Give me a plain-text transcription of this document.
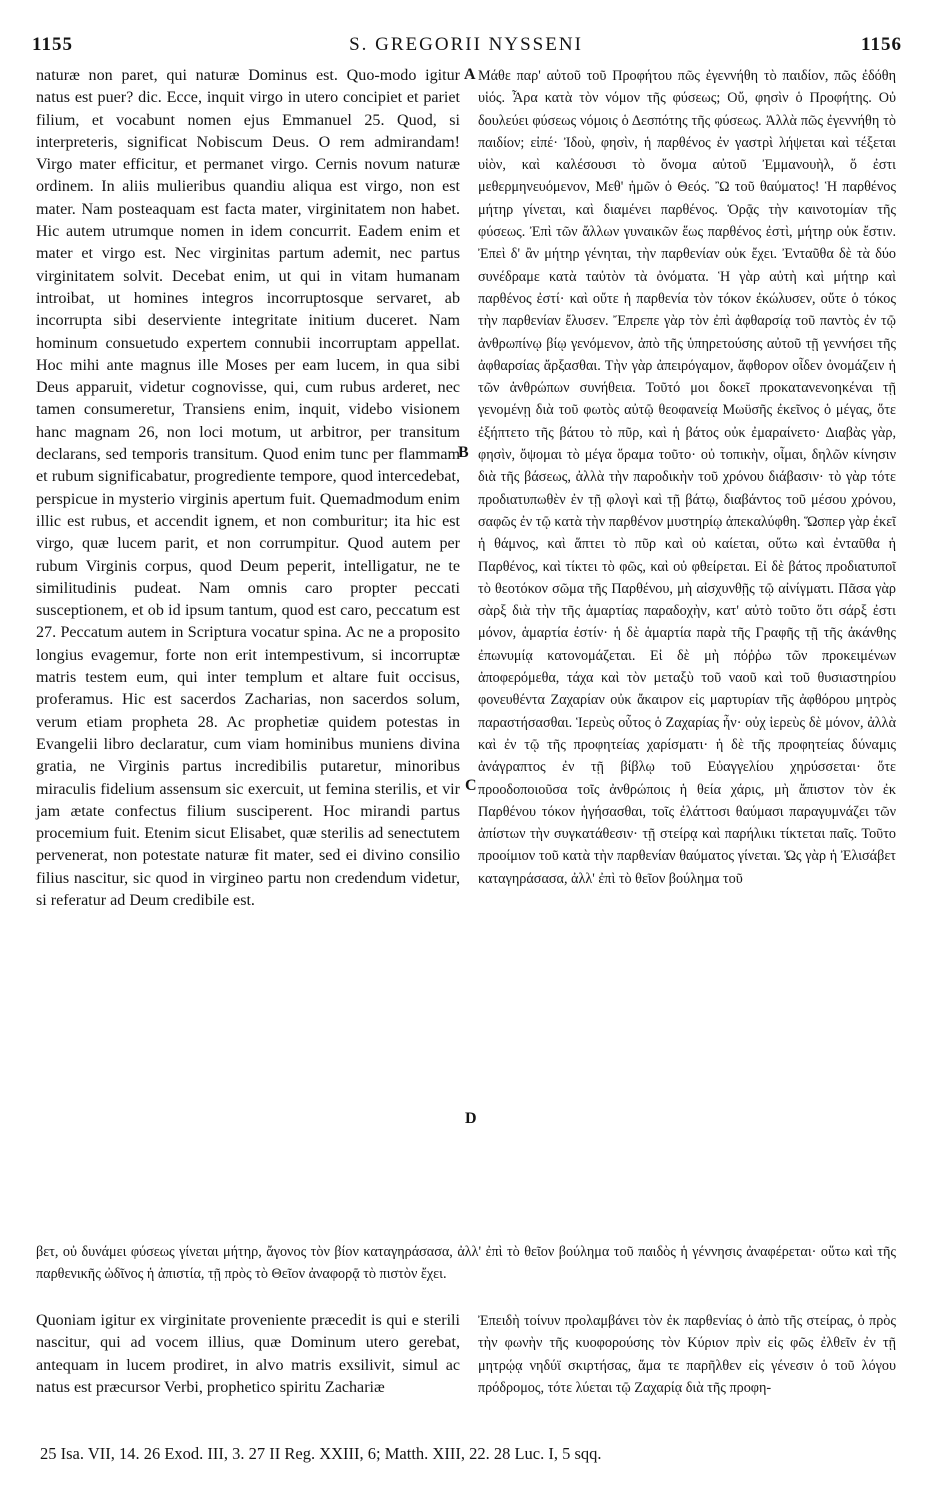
1155	S. GREGORII NYSSENI	1156
naturæ non paret, qui naturæ Dominus est. Quo-modo igitur natus est puer? dic. Ecce, inquit virgo in utero concipiet et pariet filium, et vocabunt nomen ejus Emmanuel 25. Quod, si interpreteris, significat Nobiscum Deus. O rem admirandam! Virgo mater efficitur, et permanet virgo. Cernis novum naturæ ordinem. In aliis mulieribus quandiu aliqua est virgo, non est mater. Nam posteaquam est facta mater, virginitatem non habet. Hic autem utrumque nomen in idem concurrit. Eadem enim et mater et virgo est. Nec virginitas partum ademit, nec partus virginitatem solvit. Decebat enim, ut qui in vitam humanam introibat, ut homines integros incorruptosque servaret, ab incorrupta sibi deserviente integritate initium duceret. Nam hominum consuetudo expertem connubii incorruptam appellat. Hoc mihi ante magnus ille Moses per eam lucem, in qua sibi Deus apparuit, videtur cognovisse, qui, cum rubus arderet, nec tamen consumeretur, Transiens enim, inquit, videbo visionem hanc magnam 26, non loci motum, ut arbitror, per transitum declarans, sed temporis transitum. Quod enim tunc per flammam et rubum significabatur, progrediente tempore, quod intercedebat, perspicue in mysterio virginis apertum fuit. Quemadmodum enim illic est rubus, et accendit ignem, et non comburitur; ita hic est virgo, quæ lucem parit, et non corrumpitur. Quod autem per rubum Virginis corpus, quod Deum peperit, intelligatur, ne te similitudinis pudeat. Nam omnis caro propter peccati susceptionem, et ob id ipsum tantum, quod est caro, peccatum est 27. Peccatum autem in Scriptura vocatur spina. Ac ne a proposito longius evagemur, forte non erit intempestivum, si incorruptæ matris testem eum, qui inter templum et altare fuit occisus, proferamus. Hic est sacerdos Zacharias, non sacerdos solum, verum etiam propheta 28. Ac prophetiæ quidem potestas in Evangelii libro declaratur, cum viam hominibus muniens divina gratia, ne Virginis partus incredibilis putaretur, minoribus miraculis fidelium assensum sic exercuit, ut femina sterilis, et vir jam ætate confectus filium susciperent. Hoc mirandi partus procemium fuit. Etenim sicut Elisabet, quæ sterilis ad senectutem pervenerat, non potestate naturæ fit mater, sed ei divino consilio filius nascitur, sic quod in virgineo partu non credendum videtur, si referatur ad Deum credibile est.
Μάθε παρ' αὐτοῦ τοῦ Προφήτου πῶς ἐγεννήθη τὸ παιδίον, πῶς ἐδόθη υἱός. Ἆρα κατὰ τὸν νόμον τῆς φύσεως; Οὔ, φησὶν ὁ Προφήτης. Οὐ δουλεύει φύσεως νόμοις ὁ Δεσπότης τῆς φύσεως. Ἀλλὰ πῶς ἐγεννήθη τὸ παιδίον; εἰπέ· Ἰδοὺ, φησὶν, ἡ παρθένος ἐν γαστρὶ λήψεται καὶ τέξεται υἱὸν, καὶ καλέσουσι τὸ ὄνομα αὐτοῦ Ἐμμανουὴλ, ὅ ἐστι μεθερμηνευόμενον, Μεθ' ἡμῶν ὁ Θεός. Ὢ τοῦ θαύματος! Ἡ παρθένος μήτηρ γίνεται, καὶ διαμένει παρθένος. Ὁρᾷς τὴν καινοτομίαν τῆς φύσεως. Ἐπὶ τῶν ἄλλων γυναικῶν ἕως παρθένος ἐστὶ, μήτηρ οὐκ ἔστιν. Ἐπεὶ δ' ἂν μήτηρ γένηται, τὴν παρθενίαν οὐκ ἔχει. Ἐνταῦθα δὲ τὰ δύο συνέδραμε κατὰ ταὐτὸν τὰ ὀνόματα. Ἡ γὰρ αὐτὴ καὶ μήτηρ καὶ παρθένος ἐστί· καὶ οὔτε ἡ παρθενία τὸν τόκον ἐκώλυσεν, οὔτε ὁ τόκος τὴν παρθενίαν ἔλυσεν. Ἔπρεπε γὰρ τὸν ἐπὶ ἀφθαρσίᾳ τοῦ παντὸς ἐν τῷ ἀνθρωπίνῳ βίῳ γενόμενον, ἀπὸ τῆς ὑπηρετούσης αὐτοῦ τῇ γεννήσει τῆς ἀφθαρσίας ἄρξασθαι. Τὴν γὰρ ἀπειρόγαμον, ἄφθορον οἶδεν ὀνομάζειν ἡ τῶν ἀνθρώπων συνήθεια. Τοῦτό μοι δοκεῖ προκατανενοηκέναι τῇ γενομένῃ διὰ τοῦ φωτὸς αὐτῷ θεοφανείᾳ Μωϋσῆς ἐκεῖνος ὁ μέγας, ὅτε ἐξήπτετο τῆς βάτου τὸ πῦρ, καὶ ἡ βάτος οὐκ ἐμαραίνετο· Διαβὰς γὰρ, φησὶν, ὄψομαι τὸ μέγα ὅραμα τοῦτο· οὐ τοπικὴν, οἶμαι, δηλῶν κίνησιν διὰ τῆς βάσεως, ἀλλὰ τὴν παροδικὴν τοῦ χρόνου διάβασιν· τὸ γὰρ τότε προδιατυπωθὲν ἐν τῇ φλογὶ καὶ τῇ βάτῳ, διαβάντος τοῦ μέσου χρόνου, σαφῶς ἐν τῷ κατὰ τὴν παρθένον μυστηρίῳ ἀπεκαλύφθη. Ὥσπερ γὰρ ἐκεῖ ἡ θάμνος, καὶ ἅπτει τὸ πῦρ καὶ οὐ καίεται, οὕτω καὶ ἐνταῦθα ἡ Παρθένος, καὶ τίκτει τὸ φῶς, καὶ οὐ φθείρεται. Εἰ δὲ βάτος προδιατυποῖ τὸ θεοτόκον σῶμα τῆς Παρθένου, μὴ αἰσχυνθῇς τῷ αἰνίγματι. Πᾶσα γὰρ σὰρξ διὰ τὴν τῆς ἁμαρτίας παραδοχὴν, κατ' αὐτὸ τοῦτο ὅτι σάρξ ἐστι μόνον, ἁμαρτία ἐστίν· ἡ δὲ ἁμαρτία παρὰ τῆς Γραφῆς τῇ τῆς ἀκάνθης ἐπωνυμίᾳ κατονομάζεται. Εἰ δὲ μὴ πόῤῥω τῶν προκειμένων ἀποφερόμεθα, τάχα καὶ τὸν μεταξὺ τοῦ ναοῦ καὶ τοῦ θυσιαστηρίου φονευθέντα Ζαχαρίαν οὐκ ἄκαιρον εἰς μαρτυρίαν τῆς ἀφθόρου μητρὸς παραστήσασθαι. Ἱερεὺς οὗτος ὁ Ζαχαρίας ἦν· οὐχ ἱερεὺς δὲ μόνον, ἀλλὰ καὶ ἐν τῷ τῆς προφητείας χαρίσματι· ἡ δὲ τῆς προφητείας δύναμις ἀνάγραπτος ἐν τῇ βίβλῳ τοῦ Εὐαγγελίου χηρύσσεται· ὅτε προοδοποιοῦσα τοῖς ἀνθρώποις ἡ θεία χάρις, μὴ ἄπιστον τὸν ἐκ Παρθένου τόκον ἡγήσασθαι, τοῖς ἐλάττοσι θαύμασι παραγυμνάζει τῶν ἀπίστων τὴν συγκατάθεσιν· τῇ στείρᾳ καὶ παρήλικι τίκτεται παῖς. Τοῦτο προοίμιον τοῦ κατὰ τὴν παρθενίαν θαύματος γίνεται. Ὡς γὰρ ἡ Ἐλισάβετ καταγηράσασα, ἀλλ' ἐπὶ τὸ θεῖον βούλημα τοῦ
A
B
C
D
βετ, οὐ δυνάμει φύσεως γίνεται μήτηρ, ἄγονος τὸν βίον καταγηράσασα, ἀλλ' ἐπὶ τὸ θεῖον βούλημα τοῦ παιδὸς ἡ γέννησις ἀναφέρεται· οὕτω καὶ τῆς παρθενικῆς ὠδῖνος ἡ ἀπιστία, τῇ πρὸς τὸ Θεῖον ἀναφορᾷ τὸ πιστὸν ἔχει.
Quoniam igitur ex virginitate proveniente præcedit is qui e sterili nascitur, qui ad vocem illius, quæ Dominum utero gerebat, antequam in lucem prodiret, in alvo matris exsilivit, simul ac natus est præcursor Verbi, prophetico spiritu Zachariæ
Ἐπειδὴ τοίνυν προλαμβάνει τὸν ἐκ παρθενίας ὁ ἀπὸ τῆς στείρας, ὁ πρὸς τὴν φωνὴν τῆς κυοφορούσης τὸν Κύριον πρὶν εἰς φῶς ἐλθεῖν ἐν τῇ μητρῴᾳ νηδύϊ σκιρτήσας, ἅμα τε παρῆλθεν εἰς γένεσιν ὁ τοῦ λόγου πρόδρομος, τότε λύεται τῷ Ζαχαρίᾳ διὰ τῆς προφη-
25 Isa. VII, 14. 26 Exod. III, 3. 27 II Reg. XXIII, 6; Matth. XIII, 22. 28 Luc. I, 5 sqq.
